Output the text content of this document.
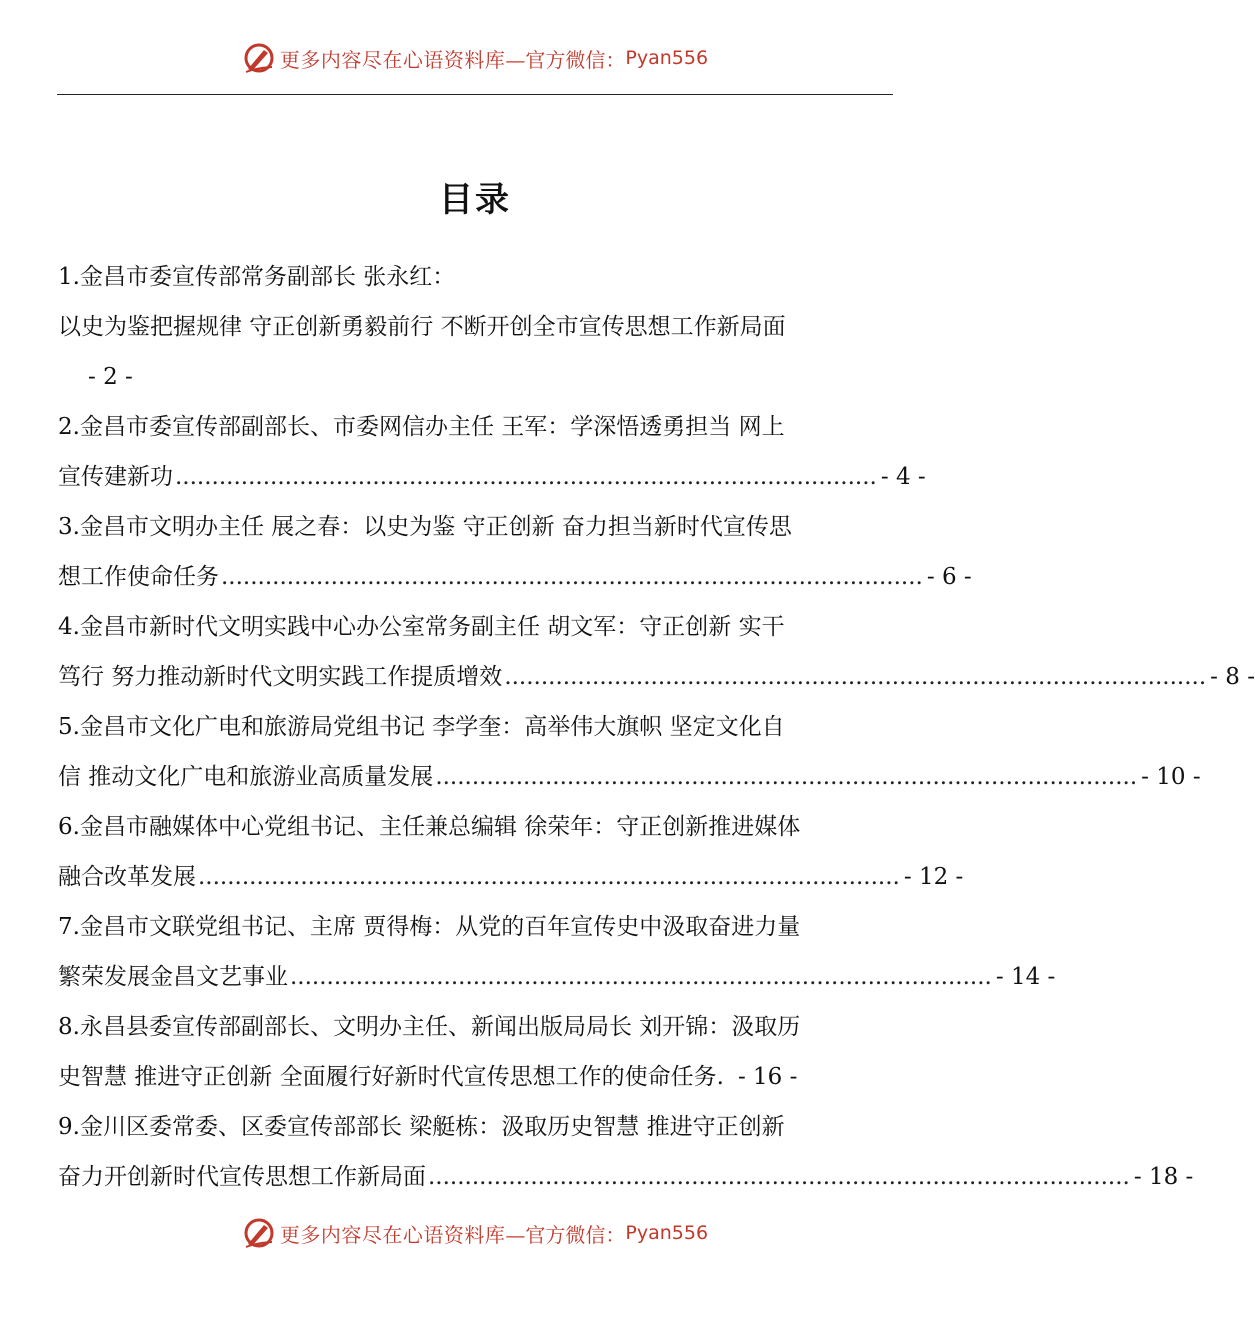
更多内容尽在心语资料库 —官方微信： Pyan556
目录
1.金昌市委宣传部常务副部长 张永红：
以史为鉴把握规律 守正创新勇毅前行 不断开创全市宣传思想工作新局面
- 2 -
2.金昌市委宣传部副部长、市委网信办主任 王军：学深悟透勇担当 网上
宣传建新功 ................................................................................................ - 4 -
3.金昌市文明办主任 展之春：以史为鉴 守正创新 奋力担当新时代宣传思
想工作使命任务 ................................................................................................ - 6 -
4.金昌市新时代文明实践中心办公室常务副主任 胡文军：守正创新 实干
笃行 努力推动新时代文明实践工作提质增效 ................................................................................................ - 8 -
5.金昌市文化广电和旅游局党组书记 李学奎：高举伟大旗帜 坚定文化自
信 推动文化广电和旅游业高质量发展 ................................................................................................ - 10 -
6.金昌市融媒体中心党组书记、主任兼总编辑 徐荣年：守正创新推进媒体
融合改革发展 ................................................................................................ - 12 -
7.金昌市文联党组书记、主席 贾得梅：从党的百年宣传史中汲取奋进力量
繁荣发展金昌文艺事业 ................................................................................................ - 14 -
8.永昌县委宣传部副部长、文明办主任、新闻出版局局长 刘开锦：汲取历
史智慧 推进守正创新 全面履行好新时代宣传思想工作的使命任务. - 16 -
9.金川区委常委、区委宣传部部长 梁艇栋：汲取历史智慧 推进守正创新
奋力开创新时代宣传思想工作新局面 ................................................................................................ - 18 -
更多内容尽在心语资料库 —官方微信： Pyan556
